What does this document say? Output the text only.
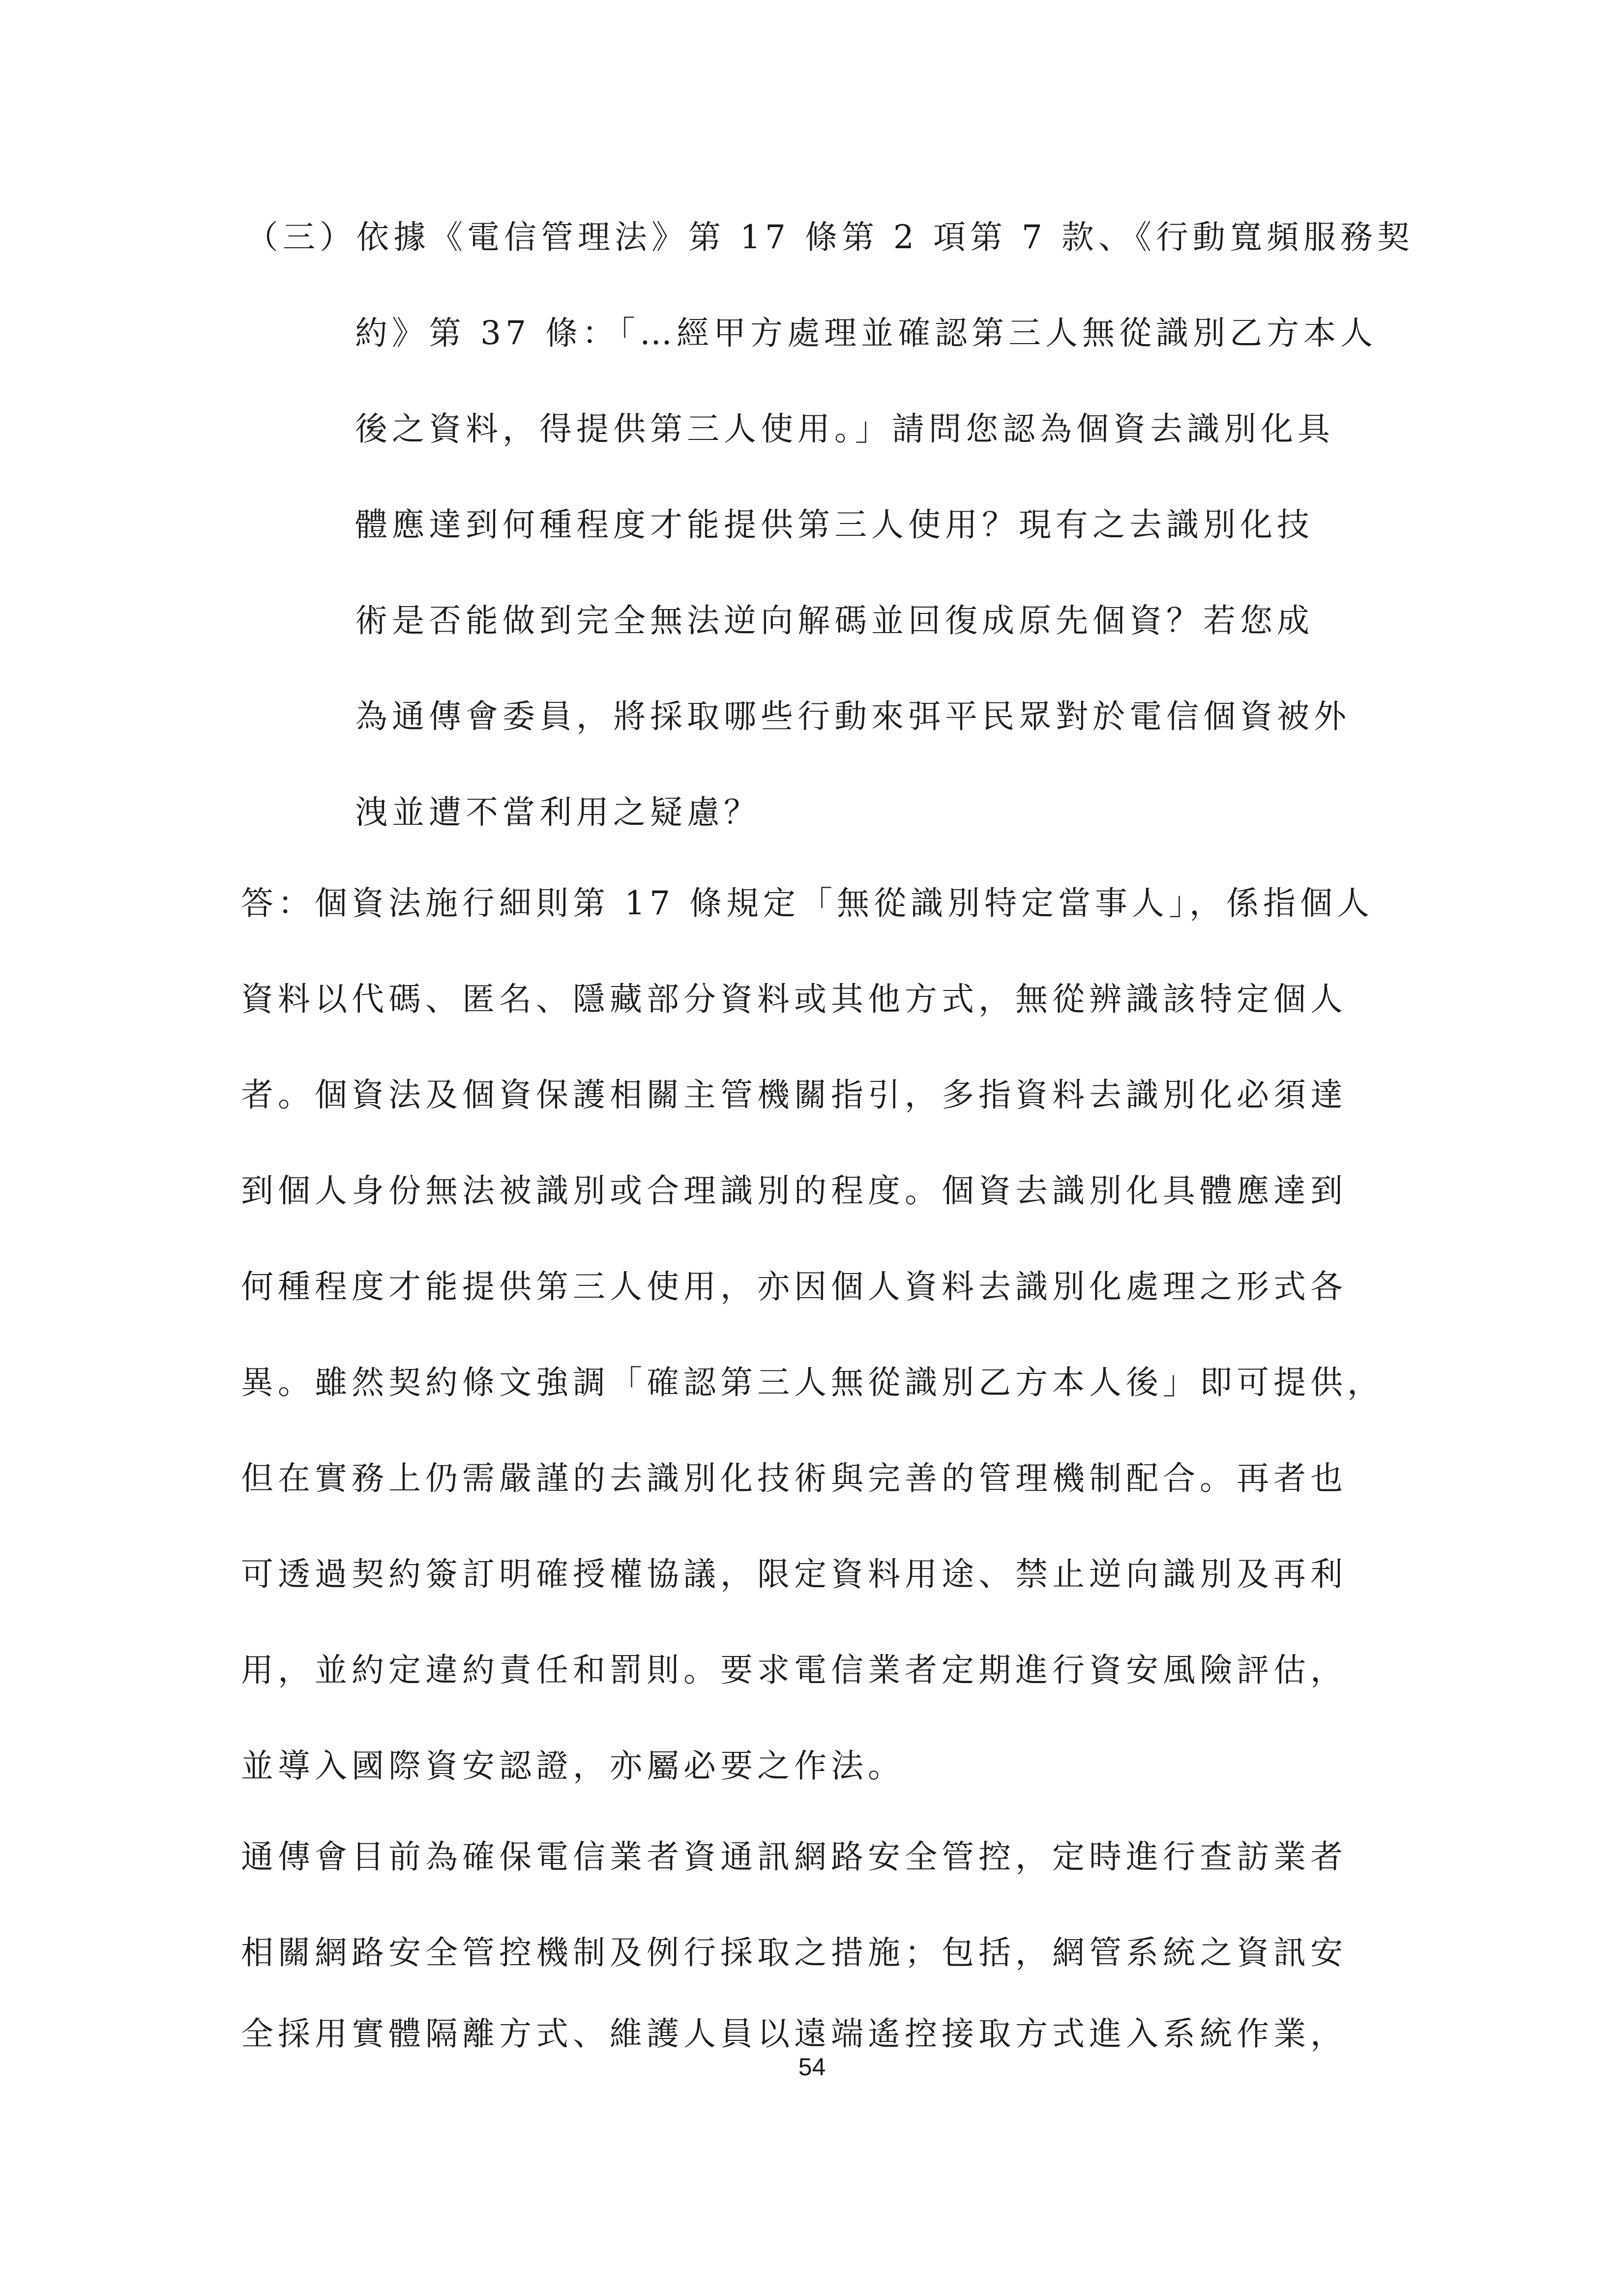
（三）依據《電信管理法》第 17 條第 2 項第 7 款、《行動寬頻服務契
約》第 37 條：「…經甲方處理並確認第三人無從識別乙方本人
後之資料，得提供第三人使用。」請問您認為個資去識別化具
體應達到何種程度才能提供第三人使用？現有之去識別化技
術是否能做到完全無法逆向解碼並回復成原先個資？若您成
為通傳會委員，將採取哪些行動來弭平民眾對於電信個資被外
洩並遭不當利用之疑慮？
答：個資法施行細則第 17 條規定「無從識別特定當事人」，係指個人
資料以代碼、匿名、隱藏部分資料或其他方式，無從辨識該特定個人
者。個資法及個資保護相關主管機關指引，多指資料去識別化必須達
到個人身份無法被識別或合理識別的程度。個資去識別化具體應達到
何種程度才能提供第三人使用，亦因個人資料去識別化處理之形式各
異。雖然契約條文強調「確認第三人無從識別乙方本人後」即可提供，
但在實務上仍需嚴謹的去識別化技術與完善的管理機制配合。再者也
可透過契約簽訂明確授權協議，限定資料用途、禁止逆向識別及再利
用，並約定違約責任和罰則。要求電信業者定期進行資安風險評估，
並導入國際資安認證，亦屬必要之作法。
通傳會目前為確保電信業者資通訊網路安全管控，定時進行查訪業者
相關網路安全管控機制及例行採取之措施；包括，網管系統之資訊安
全採用實體隔離方式、維護人員以遠端遙控接取方式進入系統作業，
54
